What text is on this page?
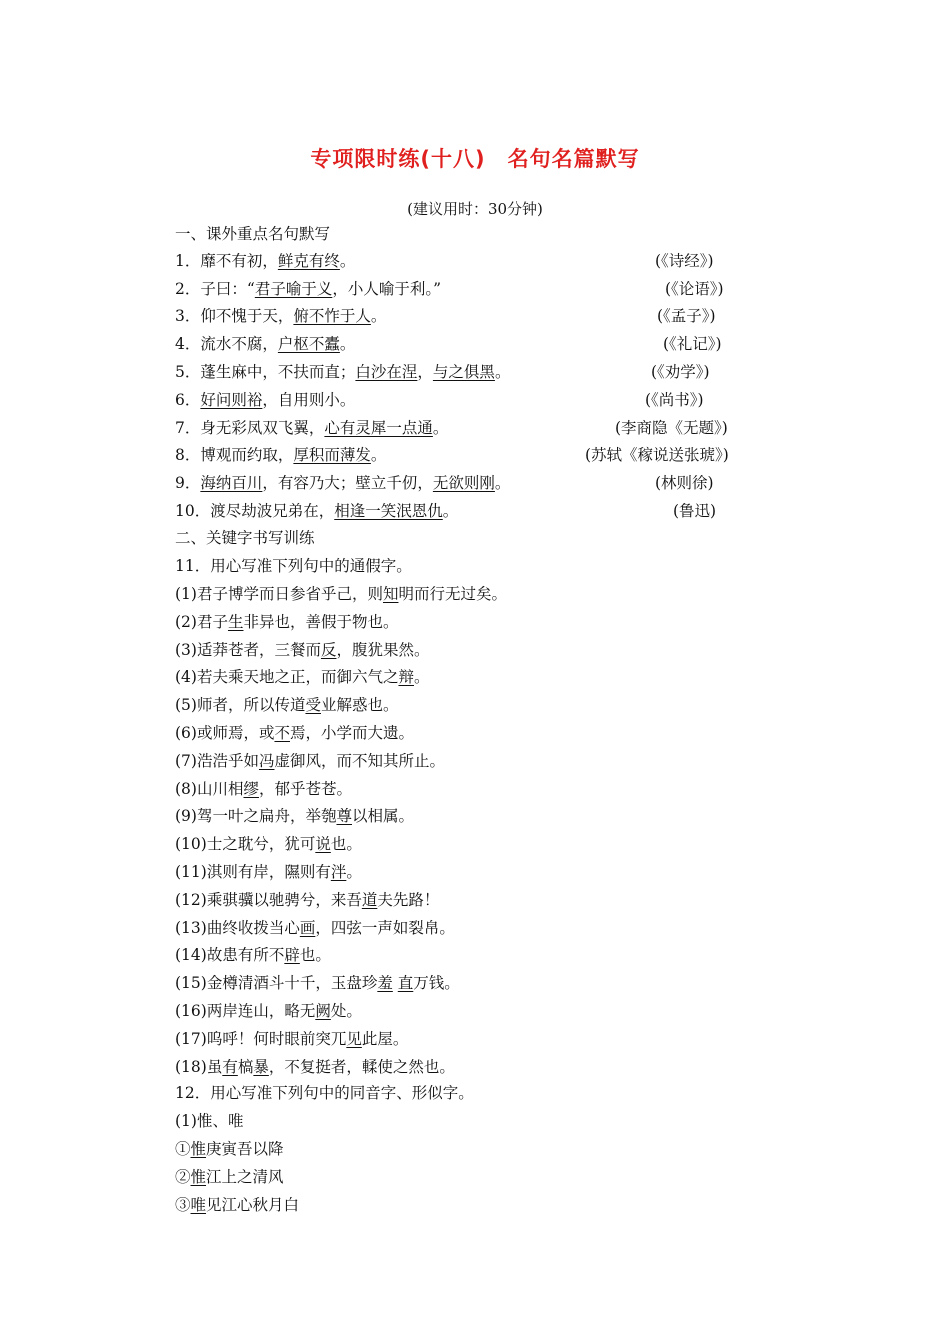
专项限时练(十八)　名句名篇默写
(建议用时：30分钟)
一、课外重点名句默写
1．靡不有初，鲜克有终。	(《诗经》)
2．子曰：“君子喻于义，小人喻于利。”	(《论语》)
3．仰不愧于天，俯不怍于人。	(《孟子》)
4．流水不腐，户枢不蠹。	(《礼记》)
5．蓬生麻中，不扶而直；白沙在涅，与之俱黑。	(《劝学》)
6．好问则裕，自用则小。	(《尚书》)
7．身无彩凤双飞翼，心有灵犀一点通。	(李商隐《无题》)
8．博观而约取，厚积而薄发。	(苏轼《稼说送张琥》)
9．海纳百川，有容乃大；壁立千仞，无欲则刚。	(林则徐)
10．渡尽劫波兄弟在，相逢一笑泯恩仇。	(鲁迅)
二、关键字书写训练
11．用心写准下列句中的通假字。
(1)君子博学而日参省乎己，则知明而行无过矣。
(2)君子生非异也，善假于物也。
(3)适莽苍者，三餐而反，腹犹果然。
(4)若夫乘天地之正，而御六气之辩。
(5)师者，所以传道受业解惑也。
(6)或师焉，或不焉，小学而大遗。
(7)浩浩乎如冯虚御风，而不知其所止。
(8)山川相缪，郁乎苍苍。
(9)驾一叶之扁舟，举匏尊以相属。
(10)士之耽兮，犹可说也。
(11)淇则有岸，隰则有泮。
(12)乘骐骥以驰骋兮，来吾道夫先路！
(13)曲终收拨当心画，四弦一声如裂帛。
(14)故患有所不辟也。
(15)金樽清酒斗十千，玉盘珍羞 直万钱。
(16)两岸连山，略无阙处。
(17)呜呼！何时眼前突兀见此屋。
(18)虽有槁暴，不复挺者，輮使之然也。
12．用心写准下列句中的同音字、形似字。
(1)惟、唯
①惟庚寅吾以降
②惟江上之清风
③唯见江心秋月白
